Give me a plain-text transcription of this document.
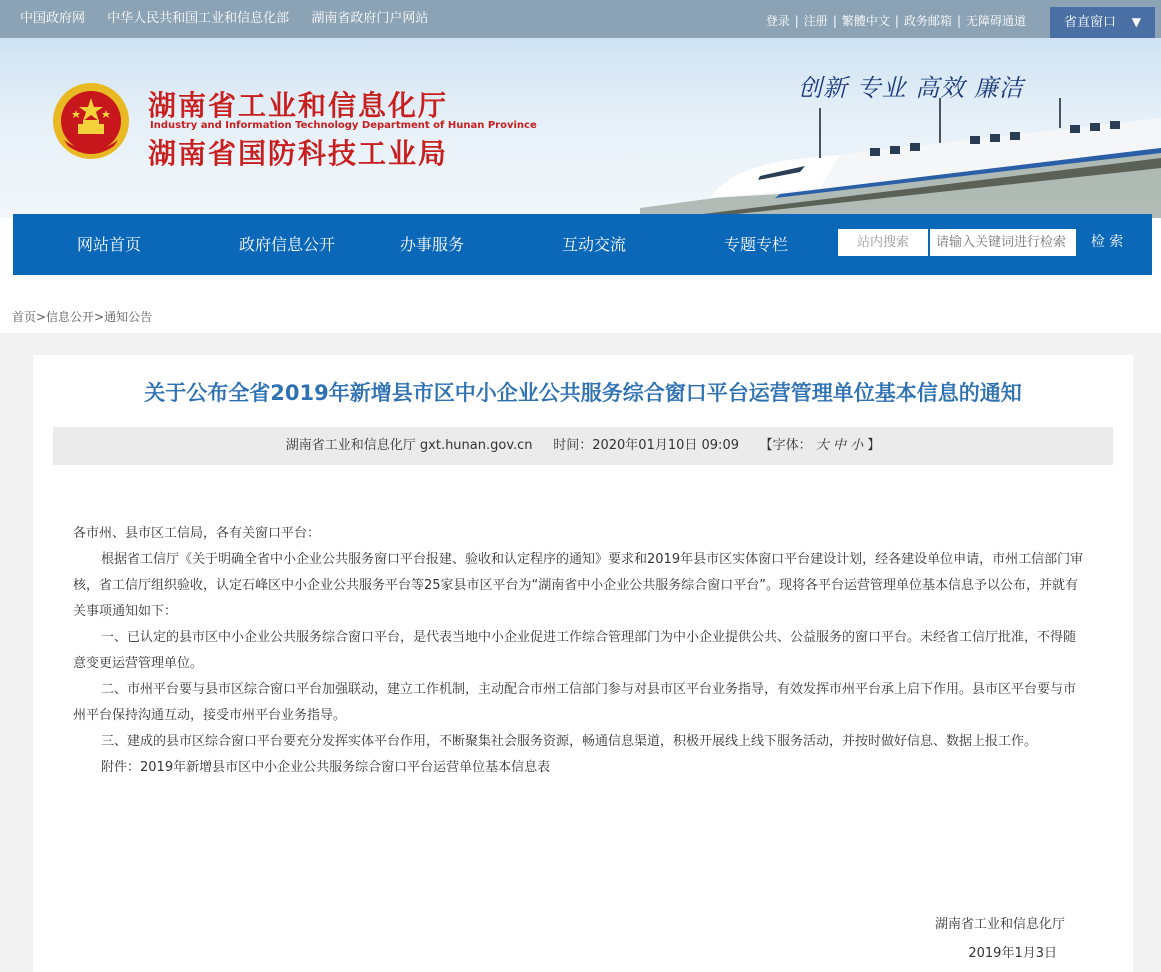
中国政府网 中华人民共和国工业和信息化部 湖南省政府门户网站	登录 | 注册 | 繁體中文 | 政务邮箱 | 无障碍通道	省直窗口 ▼
湖南省工业和信息化厅
Industry and Information Technology Department of Hunan Province
湖南省国防科技工业局
创新 专业 高效 廉洁
网站首页	政府信息公开	办事服务	互动交流	专题专栏	站内搜索
请输入关键词进行检索	检 索
首页>信息公开>通知公告
关于公布全省2019年新增县市区中小企业公共服务综合窗口平台运营管理单位基本信息的通知
湖南省工业和信息化厅 gxt.hunan.gov.cn 时间：2020年01月10日 09:09 【字体： 大 中 小 】

各市州、县市区工信局，各有关窗口平台：

根据省工信厅《关于明确全省中小企业公共服务窗口平台报建、验收和认定程序的通知》要求和2019年县市区实体窗口平台建设计划，经各建设单位申请，市州工信部门审核，省工信厅组织验收，认定石峰区中小企业公共服务平台等25家县市区平台为“湖南省中小企业公共服务综合窗口平台”。现将各平台运营管理单位基本信息予以公布，并就有关事项通知如下：

一、已认定的县市区中小企业公共服务综合窗口平台，是代表当地中小企业促进工作综合管理部门为中小企业提供公共、公益服务的窗口平台。未经省工信厅批准，不得随意变更运营管理单位。

二、市州平台要与县市区综合窗口平台加强联动，建立工作机制，主动配合市州工信部门参与对县市区平台业务指导，有效发挥市州平台承上启下作用。县市区平台要与市州平台保持沟通互动，接受市州平台业务指导。

三、建成的县市区综合窗口平台要充分发挥实体平台作用，不断聚集社会服务资源，畅通信息渠道，积极开展线上线下服务活动，并按时做好信息、数据上报工作。

附件：2019年新增县市区中小企业公共服务综合窗口平台运营单位基本信息表

湖南省工业和信息化厅
2019年1月3日
